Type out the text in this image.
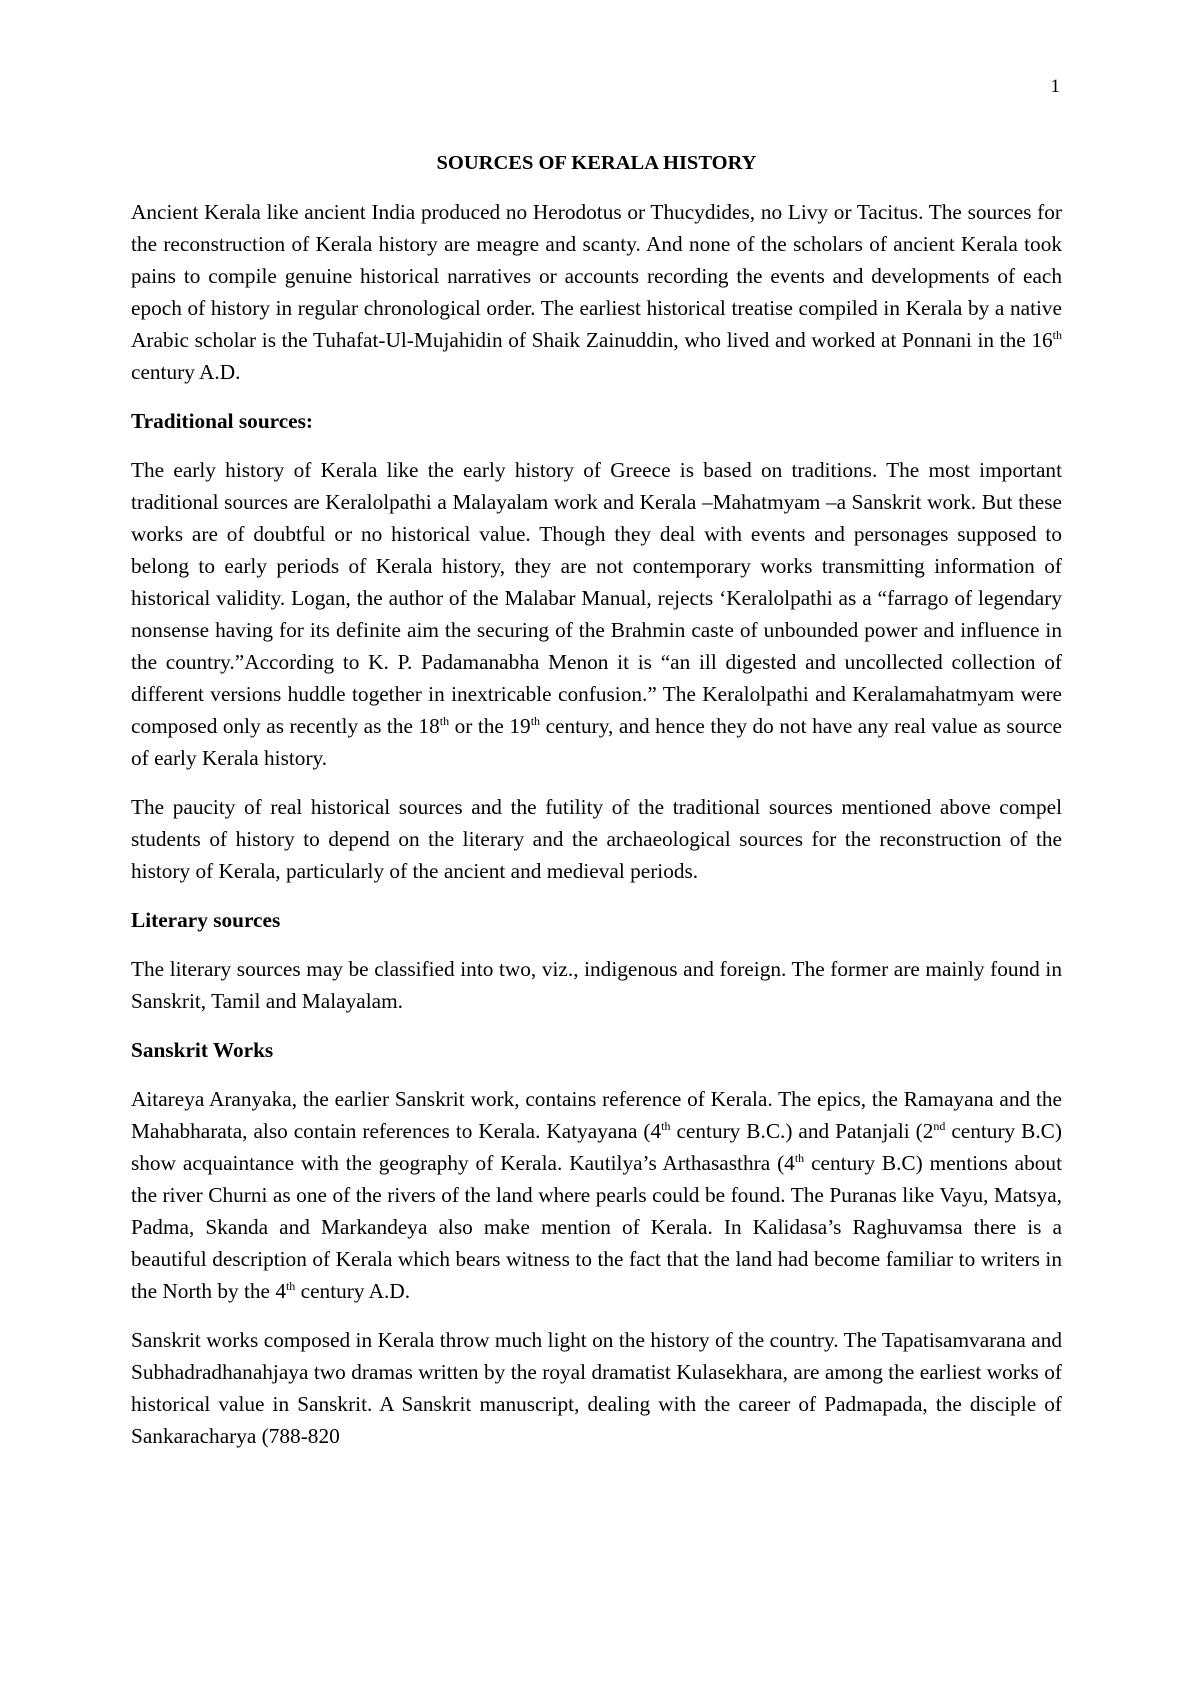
1
SOURCES OF KERALA HISTORY

Ancient Kerala like ancient India produced no Herodotus or Thucydides, no Livy or Tacitus. The sources for the reconstruction of Kerala history are meagre and scanty. And none of the scholars of ancient Kerala took pains to compile genuine historical narratives or accounts recording the events and developments of each epoch of history in regular chronological order. The earliest historical treatise compiled in Kerala by a native Arabic scholar is the Tuhafat-Ul-Mujahidin of Shaik Zainuddin, who lived and worked at Ponnani in the 16th century A.D.

Traditional sources:

The early history of Kerala like the early history of Greece is based on traditions. The most important traditional sources are Keralolpathi a Malayalam work and Kerala –Mahatmyam –a Sanskrit work. But these works are of doubtful or no historical value. Though they deal with events and personages supposed to belong to early periods of Kerala history, they are not contemporary works transmitting information of historical validity. Logan, the author of the Malabar Manual, rejects ‘Keralolpathi as a “farrago of legendary nonsense having for its definite aim the securing of the Brahmin caste of unbounded power and influence in the country.”According to K. P. Padamanabha Menon it is “an ill digested and uncollected collection of different versions huddle together in inextricable confusion.” The Keralolpathi and Keralamahatmyam were composed only as recently as the 18th or the 19th century, and hence they do not have any real value as source of early Kerala history.

The paucity of real historical sources and the futility of the traditional sources mentioned above compel students of history to depend on the literary and the archaeological sources for the reconstruction of the history of Kerala, particularly of the ancient and medieval periods.

Literary sources

The literary sources may be classified into two, viz., indigenous and foreign. The former are mainly found in Sanskrit, Tamil and Malayalam.

Sanskrit Works

Aitareya Aranyaka, the earlier Sanskrit work, contains reference of Kerala. The epics, the Ramayana and the Mahabharata, also contain references to Kerala. Katyayana (4th century B.C.) and Patanjali (2nd century B.C) show acquaintance with the geography of Kerala. Kautilya’s Arthasasthra (4th century B.C) mentions about the river Churni as one of the rivers of the land where pearls could be found. The Puranas like Vayu, Matsya, Padma, Skanda and Markandeya also make mention of Kerala. In Kalidasa’s Raghuvamsa there is a beautiful description of Kerala which bears witness to the fact that the land had become familiar to writers in the North by the 4th century A.D.

Sanskrit works composed in Kerala throw much light on the history of the country. The Tapatisamvarana and Subhadradhanahjaya two dramas written by the royal dramatist Kulasekhara, are among the earliest works of historical value in Sanskrit. A Sanskrit manuscript, dealing with the career of Padmapada, the disciple of Sankaracharya (788-820
